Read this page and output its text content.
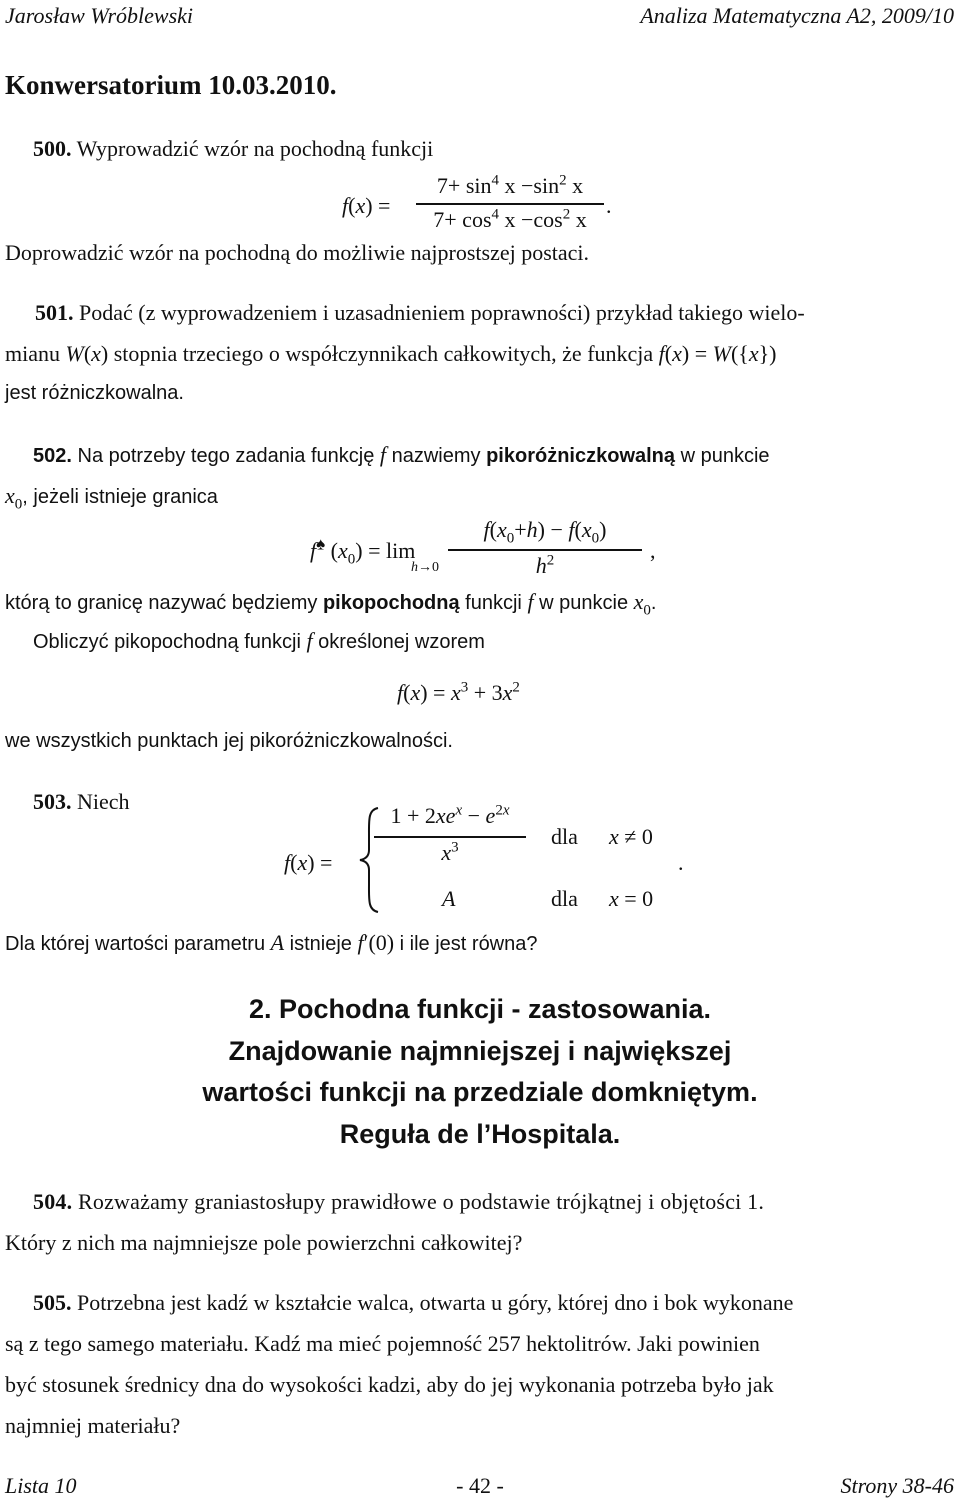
Jarosław Wróblewski	Analiza Matematyczna A2, 2009/10
Konwersatorium 10.03.2010.
500. Wyprowadzić wzór na pochodną funkcji
f(x) =
$7+ \sin^4 x -\sin^2$ x
$7+ \cos^4 x -\cos^2$ x
.
Doprowadzić wzór na pochodną do możliwie najprostszej postaci.
501. Podać (z wyprowadzeniem i uzasadnieniem poprawności) przykład takiego wielo-
mianu W(x) stopnia trzeciego o współczynnikach całkowitych, że funkcja f(x) = W({x})
jest różniczkowalna.
502. Na potrzeby tego zadania funkcję f nazwiemy pikoróżniczkowalną w punkcie
$x_0$, jeżeli istnieje granica
f♠ $(x_0) = \lim$
h→0
$f(x_0+h) - f(x_0)$
$h^2$	,
którą to granicę nazywać będziemy pikopochodną funkcji f w punkcie $x_0$.
Obliczyć pikopochodną funkcji f określonej wzorem
$f(x) = x^3 + 3x^2$
we wszystkich punktach jej pikoróżniczkowalności.
503. Niech
f(x) =
$1 + 2xe^x - e^{2x}$
$x^3$	dla x ≠ 0
.
A	dla x = 0
Dla której wartości parametru A istnieje f′(0) i ile jest równa?
2. Pochodna funkcji - zastosowania.
Znajdowanie najmniejszej i największej
wartości funkcji na przedziale domkniętym.
Reguła de l’Hospitala.
504. Rozważamy graniastosłupy prawidłowe o podstawie trójkątnej i objętości 1.
Który z nich ma najmniejsze pole powierzchni całkowitej?
505. Potrzebna jest kadź w kształcie walca, otwarta u góry, której dno i bok wykonane
są z tego samego materiału. Kadź ma mieć pojemność 257 hektolitrów. Jaki powinien
być stosunek średnicy dna do wysokości kadzi, aby do jej wykonania potrzeba było jak
najmniej materiału?
Lista 10	- 42 -	Strony 38-46
